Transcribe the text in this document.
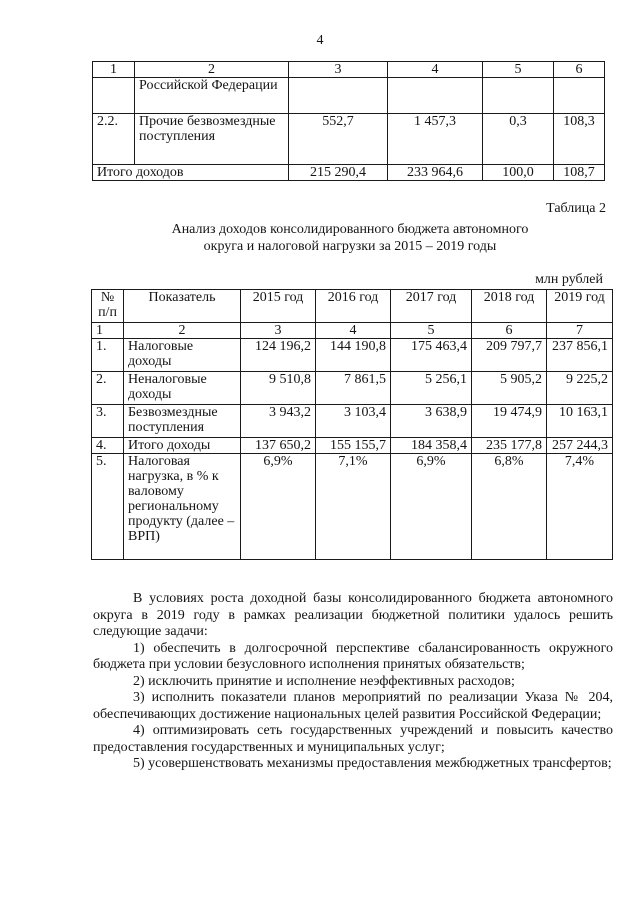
4
1	2	3	4	5	6
	Российской Федерации				
2.2.	Прочие безвозмездные поступления	552,7	1 457,3	0,3	108,3
Итого доходов		215 290,4	233 964,6	100,0	108,7
Таблица 2
Анализ доходов консолидированного бюджета автономного
округа и налоговой нагрузки за 2015 – 2019 годы
млн рублей
№ п/п	Показатель	2015 год	2016 год	2017 год	2018 год	2019 год
1	2	3	4	5	6	7
1.	Налоговые доходы	124 196,2	144 190,8	175 463,4	209 797,7	237 856,1
2.	Неналоговые доходы	9 510,8	7 861,5	5 256,1	5 905,2	9 225,2
3.	Безвозмездные поступления	3 943,2	3 103,4	3 638,9	19 474,9	10 163,1
4.	Итого доходы	137 650,2	155 155,7	184 358,4	235 177,8	257 244,3
5.	Налоговая нагрузка, в % к валовому региональному продукту (далее – ВРП)	6,9%	7,1%	6,9%	6,8%	7,4%

В условиях роста доходной базы консолидированного бюджета автономного округа в 2019 году в рамках реализации бюджетной политики удалось решить следующие задачи:

1) обеспечить в долгосрочной перспективе сбалансированность окружного бюджета при условии безусловного исполнения принятых обязательств;

2) исключить принятие и исполнение неэффективных расходов;

3) исполнить показатели планов мероприятий по реализации Указа № 204, обеспечивающих достижение национальных целей развития Российской Федерации;

4) оптимизировать сеть государственных учреждений и повысить качество предоставления государственных и муниципальных услуг;

5) усовершенствовать механизмы предоставления межбюджетных трансфертов;
